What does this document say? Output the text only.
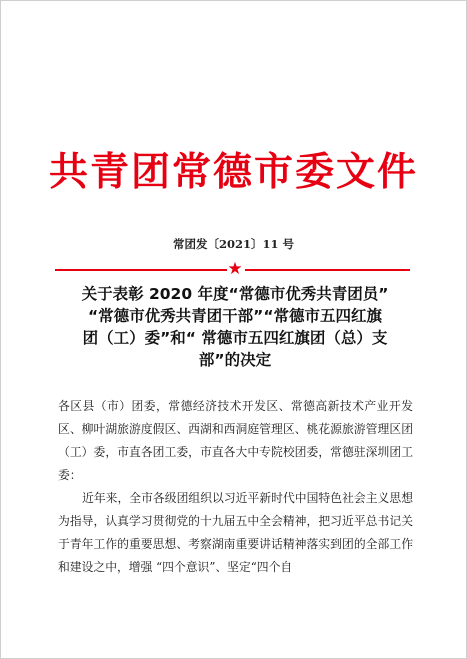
共青团常德市委文件
常团发〔2021〕11 号
★
关于表彰 2020 年度“常德市优秀共青团员”
“常德市优秀共青团干部”“常德市五四红旗
团（工）委”和“ 常德市五四红旗团（总）支
部”的决定

各区县（市）团委，常德经济技术开发区、常德高新技术产业开发区、柳叶湖旅游度假区、西湖和西洞庭管理区、桃花源旅游管理区团（工）委，市直各团工委，市直各大中专院校团委，常德驻深圳团工委：

近年来，全市各级团组织以习近平新时代中国特色社会主义思想为指导，认真学习贯彻党的十九届五中全会精神，把习近平总书记关于青年工作的重要思想、考察湖南重要讲话精神落实到团的全部工作和建设之中，增强 “四个意识”、坚定“四个自
